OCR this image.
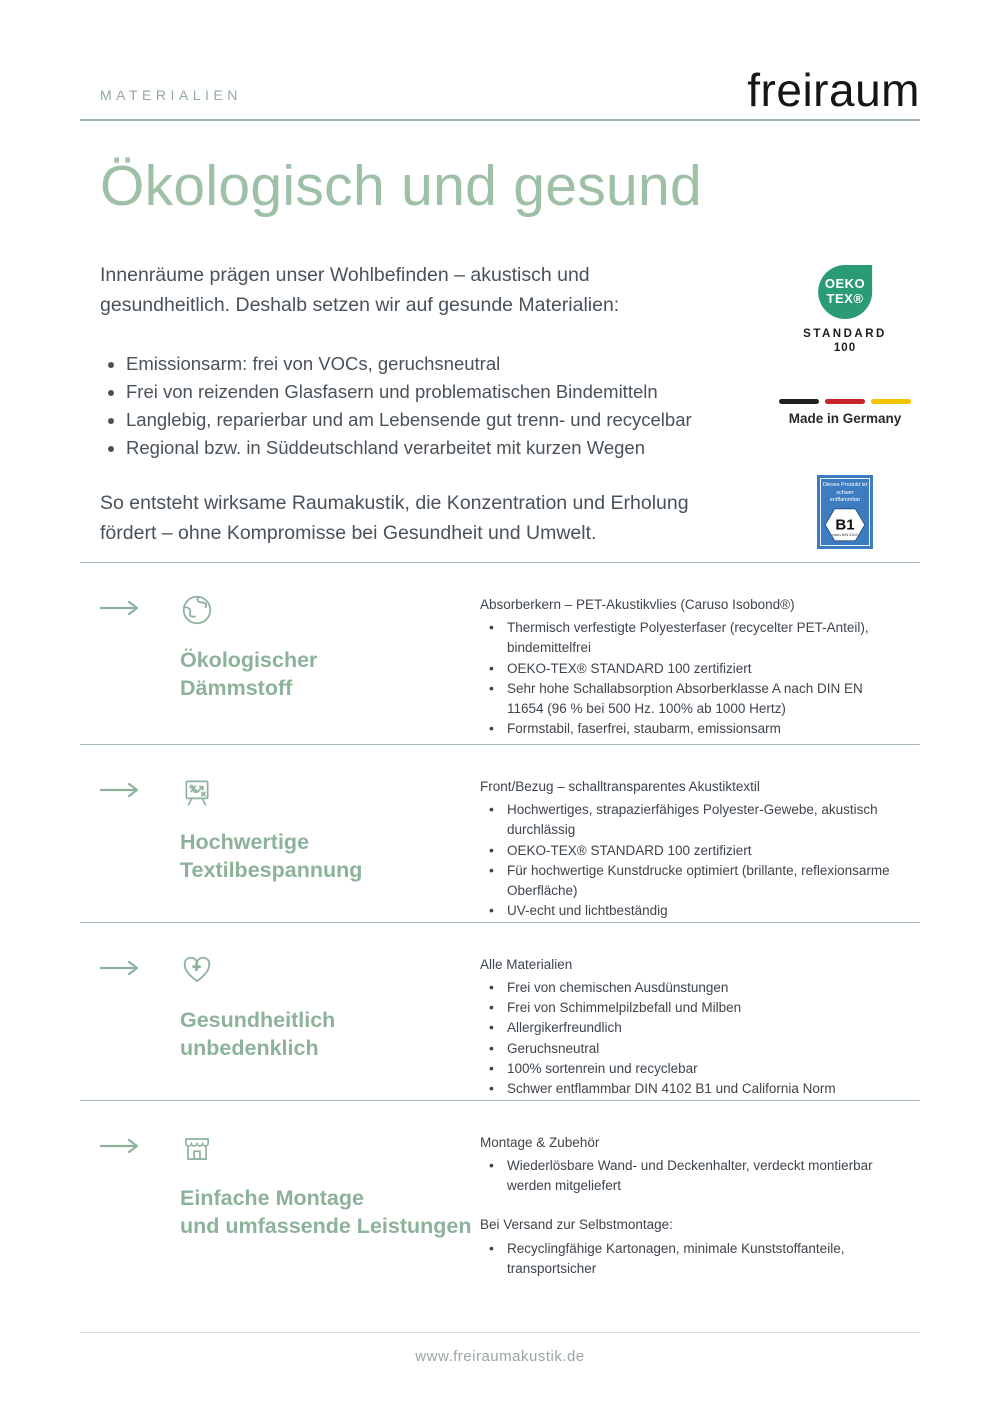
MATERIALIEN	freiraum
Ökologisch und gesund

Innenräume prägen unser Wohlbefinden – akustisch und gesundheitlich. Deshalb setzen wir auf gesunde Materialien:

• Emissionsarm: frei von VOCs, geruchsneutral
• Frei von reizenden Glasfasern und problematischen Bindemitteln
• Langlebig, reparierbar und am Lebensende gut trenn- und recycelbar
• Regional bzw. in Süddeutschland verarbeitet mit kurzen Wegen

So entsteht wirksame Raumakustik, die Konzentration und Erholung fördert – ohne Kompromisse bei Gesundheit und Umwelt.

OEKO
TEX®
STANDARD
100
Made in Germany
Dieses Produkt ist
schwer entflammbar
B1
nach DIN 4102
Ökologischer
Dämmstoff
Absorberkern – PET-Akustikvlies (Caruso Isobond®)
• Thermisch verfestigte Polyesterfaser (recycelter PET-Anteil), bindemittelfrei
• OEKO-TEX® STANDARD 100 zertifiziert
• Sehr hohe Schallabsorption Absorberklasse A nach DIN EN 11654 (96 % bei 500 Hz. 100% ab 1000 Hertz)
• Formstabil, faserfrei, staubarm, emissionsarm
Hochwertige
Textilbespannung
Front/Bezug – schalltransparentes Akustiktextil
• Hochwertiges, strapazierfähiges Polyester-Gewebe, akustisch durchlässig
• OEKO-TEX® STANDARD 100 zertifiziert
• Für hochwertige Kunstdrucke optimiert (brillante, reflexionsarme Oberfläche)
• UV-echt und lichtbeständig
Gesundheitlich
unbedenklich
Alle Materialien
• Frei von chemischen Ausdünstungen
• Frei von Schimmelpilzbefall und Milben
• Allergikerfreundlich
• Geruchsneutral
• 100% sortenrein und recyclebar
• Schwer entflammbar DIN 4102 B1 und California Norm
Einfache Montage
und umfassende Leistungen
Montage & Zubehör
• Wiederlösbare Wand- und Deckenhalter, verdeckt montierbar werden mitgeliefert
Bei Versand zur Selbstmontage:
• Recyclingfähige Kartonagen, minimale Kunststoffanteile, transportsicher
www.freiraumakustik.de
